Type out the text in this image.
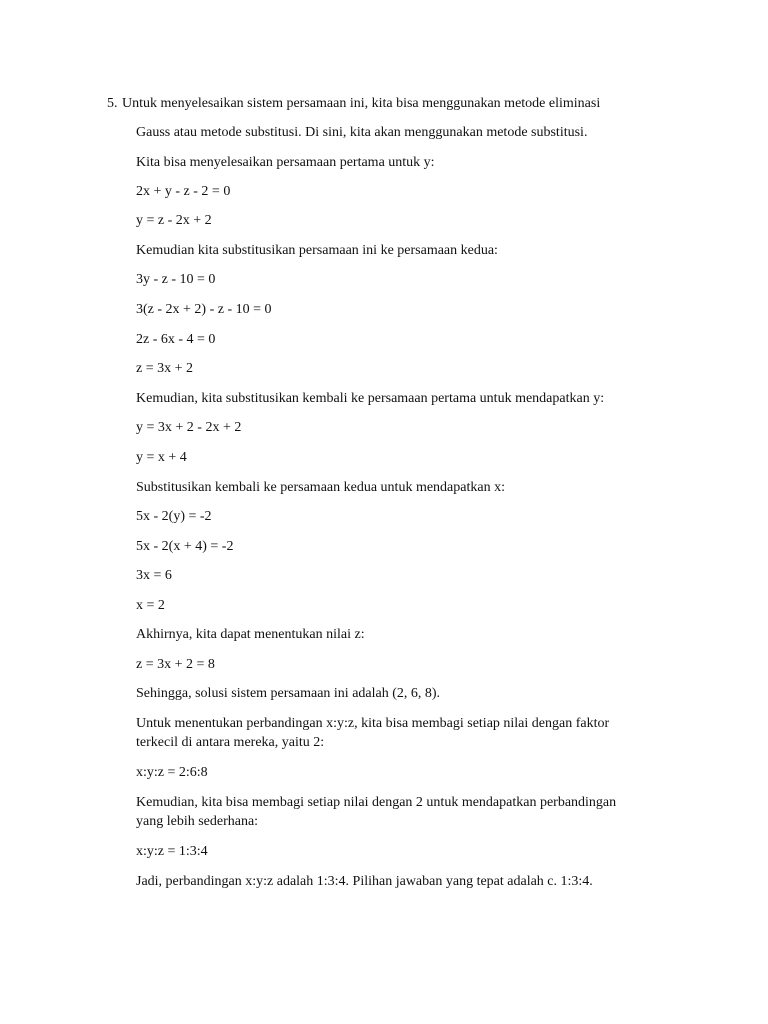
5. Untuk menyelesaikan sistem persamaan ini, kita bisa menggunakan metode eliminasi
Gauss atau metode substitusi. Di sini, kita akan menggunakan metode substitusi.
Kita bisa menyelesaikan persamaan pertama untuk y:
2x + y - z - 2 = 0
y = z - 2x + 2
Kemudian kita substitusikan persamaan ini ke persamaan kedua:
3y - z - 10 = 0
3(z - 2x + 2) - z - 10 = 0
2z - 6x - 4 = 0
z = 3x + 2
Kemudian, kita substitusikan kembali ke persamaan pertama untuk mendapatkan y:
y = 3x + 2 - 2x + 2
y = x + 4
Substitusikan kembali ke persamaan kedua untuk mendapatkan x:
5x - 2(y) = -2
5x - 2(x + 4) = -2
3x = 6
x = 2
Akhirnya, kita dapat menentukan nilai z:
z = 3x + 2 = 8
Sehingga, solusi sistem persamaan ini adalah (2, 6, 8).
Untuk menentukan perbandingan x:y:z, kita bisa membagi setiap nilai dengan faktor
terkecil di antara mereka, yaitu 2:
x:y:z = 2:6:8
Kemudian, kita bisa membagi setiap nilai dengan 2 untuk mendapatkan perbandingan
yang lebih sederhana:
x:y:z = 1:3:4
Jadi, perbandingan x:y:z adalah 1:3:4. Pilihan jawaban yang tepat adalah c. 1:3:4.
